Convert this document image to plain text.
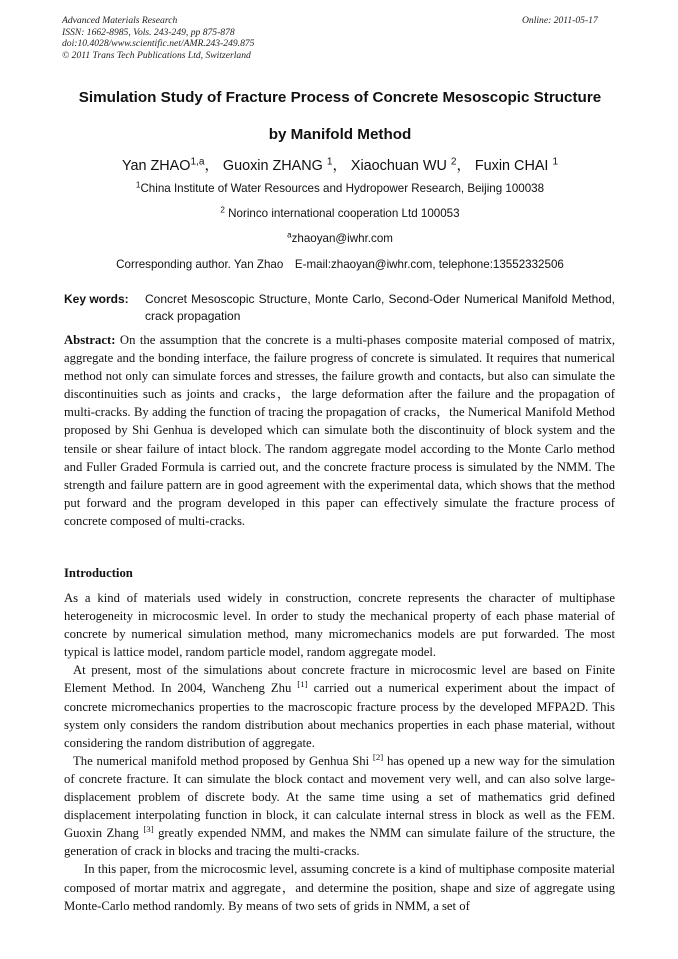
Advanced Materials Research
ISSN: 1662-8985, Vols. 243-249, pp 875-878
doi:10.4028/www.scientific.net/AMR.243-249.875
© 2011 Trans Tech Publications Ltd, Switzerland
Online: 2011-05-17
Simulation Study of Fracture Process of Concrete Mesoscopic Structure
by Manifold Method
Yan ZHAO$^{1,a}$， Guoxin ZHANG $^1$， Xiaochuan WU $^2$， Fuxin CHAI $^1$
$^1$China Institute of Water Resources and Hydropower Research, Beijing 100038
$^2$ Norinco international cooperation Ltd 100053
$^a$zhaoyan@iwhr.com
Corresponding author. Yan Zhao　E-mail:zhaoyan@iwhr.com, telephone:13552332506
Key words: Concret Mesoscopic Structure, Monte Carlo, Second-Oder Numerical Manifold Method, crack propagation

Abstract: On the assumption that the concrete is a multi-phases composite material composed of matrix, aggregate and the bonding interface, the failure progress of concrete is simulated. It requires that numerical method not only can simulate forces and stresses, the failure growth and contacts, but also can simulate the discontinuities such as joints and cracks，the large deformation after the failure and the propagation of multi-cracks. By adding the function of tracing the propagation of cracks，the Numerical Manifold Method proposed by Shi Genhua is developed which can simulate both the discontinuity of block system and the tensile or shear failure of intact block. The random aggregate model according to the Monte Carlo method and Fuller Graded Formula is carried out, and the concrete fracture process is simulated by the NMM. The strength and failure pattern are in good agreement with the experimental data, which shows that the method put forward and the program developed in this paper can effectively simulate the fracture process of concrete composed of multi-cracks.

Introduction

As a kind of materials used widely in construction, concrete represents the character of multiphase heterogeneity in microcosmic level. In order to study the mechanical property of each phase material of concrete by numerical simulation method, many micromechanics models are put forwarded. The most typical is lattice model, random particle model, random aggregate model.

At present, most of the simulations about concrete fracture in microcosmic level are based on Finite Element Method. In 2004, Wancheng Zhu [1] carried out a numerical experiment about the impact of concrete micromechanics properties to the macroscopic fracture process by the developed MFPA2D. This system only considers the random distribution about mechanics properties in each phase material, without considering the random distribution of aggregate.

The numerical manifold method proposed by Genhua Shi [2] has opened up a new way for the simulation of concrete fracture. It can simulate the block contact and movement very well, and can also solve large-displacement problem of discrete body. At the same time using a set of mathematics grid defined displacement interpolating function in block, it can calculate internal stress in block as well as the FEM. Guoxin Zhang [3] greatly expended NMM, and makes the NMM can simulate failure of the structure, the generation of crack in blocks and tracing the multi-cracks.

In this paper, from the microcosmic level, assuming concrete is a kind of multiphase composite material composed of mortar matrix and aggregate，and determine the position, shape and size of aggregate using Monte-Carlo method randomly. By means of two sets of grids in NMM, a set of
